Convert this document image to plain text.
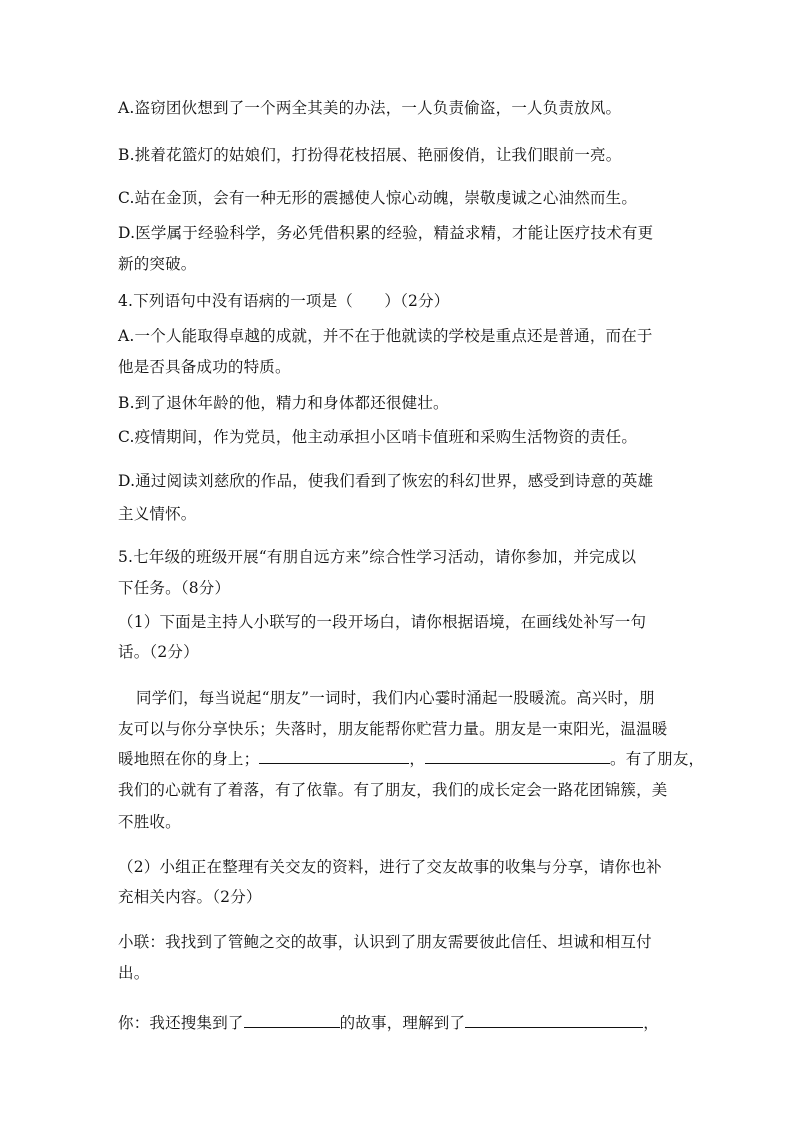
A.盗窃团伙想到了一个两全其美的办法，一人负责偷盗，一人负责放风。
B.挑着花篮灯的姑娘们，打扮得花枝招展、艳丽俊俏，让我们眼前一亮。
C.站在金顶，会有一种无形的震撼使人惊心动魄，崇敬虔诚之心油然而生。
D.医学属于经验科学，务必凭借积累的经验，精益求精，才能让医疗技术有更
新的突破。
4.下列语句中没有语病的一项是（　　）（2分）
A.一个人能取得卓越的成就，并不在于他就读的学校是重点还是普通，而在于
他是否具备成功的特质。
B.到了退休年龄的他，精力和身体都还很健壮。
C.疫情期间，作为党员，他主动承担小区哨卡值班和采购生活物资的责任。
D.通过阅读刘慈欣的作品，使我们看到了恢宏的科幻世界，感受到诗意的英雄
主义情怀。
5.七年级的班级开展“有朋自远方来”综合性学习活动，请你参加，并完成以
下任务。（8分）
（1）下面是主持人小联写的一段开场白，请你根据语境，在画线处补写一句
话。（2分）
同学们，每当说起“朋友”一词时，我们内心霎时涌起一股暖流。高兴时，朋
友可以与你分享快乐；失落时，朋友能帮你贮营力量。朋友是一束阳光，温温暖
暖地照在你的身上；	，	。有了朋友，
我们的心就有了着落，有了依靠。有了朋友，我们的成长定会一路花团锦簇，美
不胜收。
（2）小组正在整理有关交友的资料，进行了交友故事的收集与分享，请你也补
充相关内容。（2分）
小联：我找到了管鲍之交的故事，认识到了朋友需要彼此信任、坦诚和相互付
出。
你：我还搜集到了	的故事，理解到了	，
